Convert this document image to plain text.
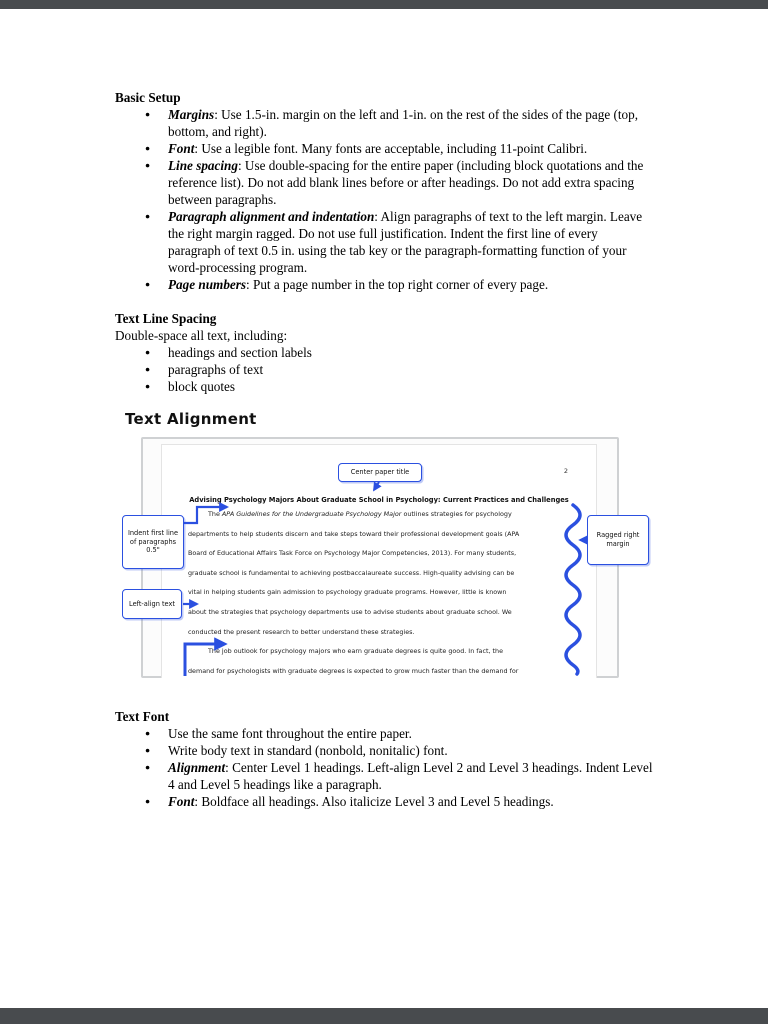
Basic Setup
● Margins: Use 1.5-in. margin on the left and 1-in. on the rest of the sides of the page (top, bottom, and right).
● Font: Use a legible font. Many fonts are acceptable, including 11-point Calibri.
● Line spacing: Use double-spacing for the entire paper (including block quotations and the reference list). Do not add blank lines before or after headings. Do not add extra spacing between paragraphs.
● Paragraph alignment and indentation: Align paragraphs of text to the left margin. Leave the right margin ragged. Do not use full justification. Indent the first line of every paragraph of text 0.5 in. using the tab key or the paragraph-formatting function of your word-processing program.
● Page numbers: Put a page number in the top right corner of every page.
Text Line Spacing
Double-space all text, including:
● headings and section labels
● paragraphs of text
● block quotes
Text Alignment
2
Advising Psychology Majors About Graduate School in Psychology: Current Practices and Challenges
The APA Guidelines for the Undergraduate Psychology Major outlines strategies for psychology
departments to help students discern and take steps toward their professional development goals (APA
Board of Educational Affairs Task Force on Psychology Major Competencies, 2013). For many students,
graduate school is fundamental to achieving postbaccalaureate success. High-quality advising can be
vital in helping students gain admission to psychology graduate programs. However, little is known
about the strategies that psychology departments use to advise students about graduate school. We
conducted the present research to better understand these strategies.
The job outlook for psychology majors who earn graduate degrees is quite good. In fact, the
demand for psychologists with graduate degrees is expected to grow much faster than the demand for
Indent first line of paragraphs 0.5"
Left-align text
Ragged right margin
Center paper title
Text Font
● Use the same font throughout the entire paper.
● Write body text in standard (nonbold, nonitalic) font.
● Alignment: Center Level 1 headings. Left-align Level 2 and Level 3 headings. Indent Level 4 and Level 5 headings like a paragraph.
● Font: Boldface all headings. Also italicize Level 3 and Level 5 headings.
